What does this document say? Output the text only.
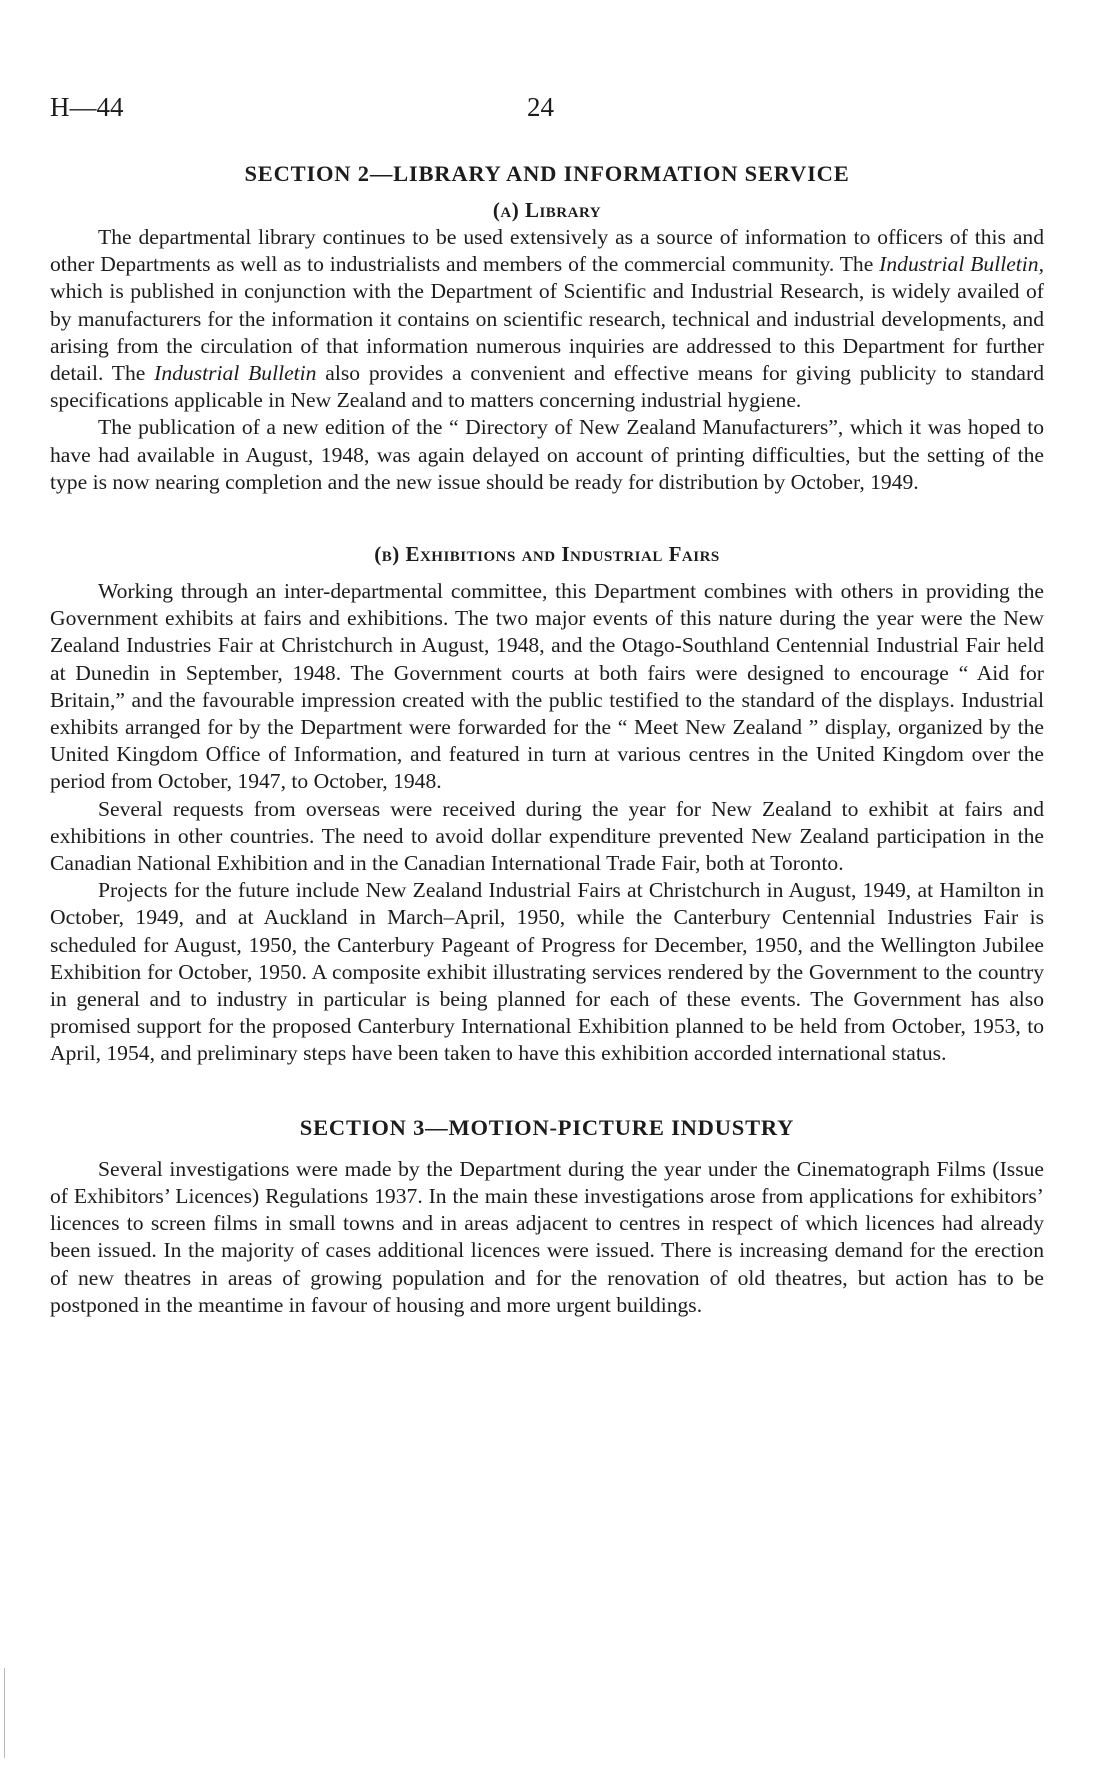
H—44	24
SECTION 2—LIBRARY AND INFORMATION SERVICE
(a) Library

The departmental library continues to be used extensively as a source of information to officers of this and other Departments as well as to industrialists and members of the commercial community. The Industrial Bulletin, which is published in conjunction with the Department of Scientific and Industrial Research, is widely availed of by manufacturers for the information it contains on scientific research, technical and industrial developments, and arising from the circulation of that information numerous inquiries are addressed to this Department for further detail. The Industrial Bulletin also provides a convenient and effective means for giving publicity to standard specifications applicable in New Zealand and to matters concerning industrial hygiene.

The publication of a new edition of the “ Directory of New Zealand Manufacturers”, which it was hoped to have had available in August, 1948, was again delayed on account of printing difficulties, but the setting of the type is now nearing completion and the new issue should be ready for distribution by October, 1949.

(b) Exhibitions and Industrial Fairs

Working through an inter-departmental committee, this Department combines with others in providing the Government exhibits at fairs and exhibitions. The two major events of this nature during the year were the New Zealand Industries Fair at Christchurch in August, 1948, and the Otago-Southland Centennial Industrial Fair held at Dunedin in September, 1948. The Government courts at both fairs were designed to encourage “ Aid for Britain,” and the favourable impression created with the public testified to the standard of the displays. Industrial exhibits arranged for by the Department were forwarded for the “ Meet New Zealand ” display, organized by the United Kingdom Office of Information, and featured in turn at various centres in the United Kingdom over the period from October, 1947, to October, 1948.

Several requests from overseas were received during the year for New Zealand to exhibit at fairs and exhibitions in other countries. The need to avoid dollar expenditure prevented New Zealand participation in the Canadian National Exhibition and in the Canadian International Trade Fair, both at Toronto.

Projects for the future include New Zealand Industrial Fairs at Christchurch in August, 1949, at Hamilton in October, 1949, and at Auckland in March–April, 1950, while the Canterbury Centennial Industries Fair is scheduled for August, 1950, the Canterbury Pageant of Progress for December, 1950, and the Wellington Jubilee Exhibition for October, 1950. A composite exhibit illustrating services rendered by the Government to the country in general and to industry in particular is being planned for each of these events. The Government has also promised support for the proposed Canterbury International Exhibition planned to be held from October, 1953, to April, 1954, and preliminary steps have been taken to have this exhibition accorded international status.

SECTION 3—MOTION-PICTURE INDUSTRY

Several investigations were made by the Department during the year under the Cinematograph Films (Issue of Exhibitors’ Licences) Regulations 1937. In the main these investigations arose from applications for exhibitors’ licences to screen films in small towns and in areas adjacent to centres in respect of which licences had already been issued. In the majority of cases additional licences were issued. There is increasing demand for the erection of new theatres in areas of growing population and for the renovation of old theatres, but action has to be postponed in the meantime in favour of housing and more urgent buildings.
